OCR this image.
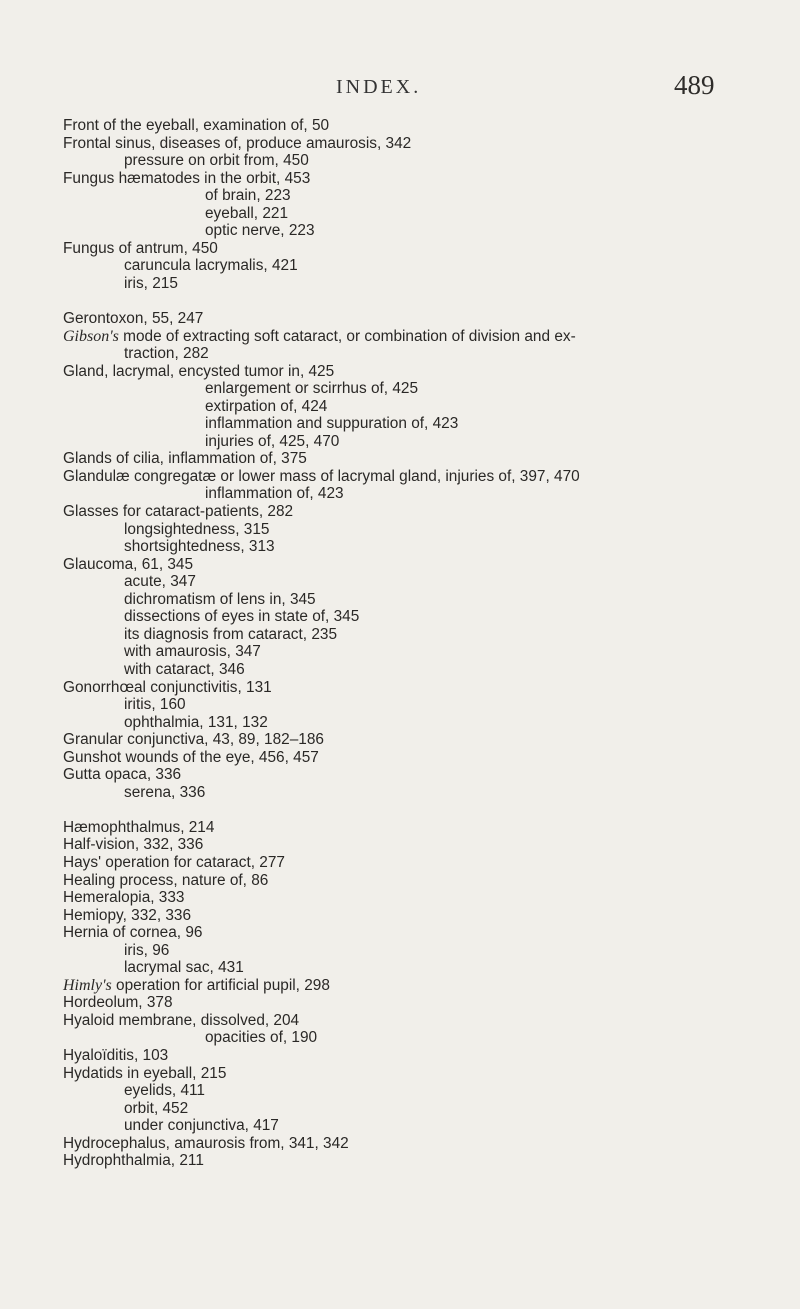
INDEX.	489
Front of the eyeball, examination of, 50
Frontal sinus, diseases of, produce amaurosis, 342
pressure on orbit from, 450
Fungus hæmatodes in the orbit, 453
of brain, 223
eyeball, 221
optic nerve, 223
Fungus of antrum, 450
caruncula lacrymalis, 421
iris, 215
Gerontoxon, 55, 247
Gibson's mode of extracting soft cataract, or combination of division and ex-
traction, 282
Gland, lacrymal, encysted tumor in, 425
enlargement or scirrhus of, 425
extirpation of, 424
inflammation and suppuration of, 423
injuries of, 425, 470
Glands of cilia, inflammation of, 375
Glandulæ congregatæ or lower mass of lacrymal gland, injuries of, 397, 470
inflammation of, 423
Glasses for cataract-patients, 282
longsightedness, 315
shortsightedness, 313
Glaucoma, 61, 345
acute, 347
dichromatism of lens in, 345
dissections of eyes in state of, 345
its diagnosis from cataract, 235
with amaurosis, 347
with cataract, 346
Gonorrhœal conjunctivitis, 131
iritis, 160
ophthalmia, 131, 132
Granular conjunctiva, 43, 89, 182–186
Gunshot wounds of the eye, 456, 457
Gutta opaca, 336
serena, 336
Hæmophthalmus, 214
Half-vision, 332, 336
Hays' operation for cataract, 277
Healing process, nature of, 86
Hemeralopia, 333
Hemiopy, 332, 336
Hernia of cornea, 96
iris, 96
lacrymal sac, 431
Himly's operation for artificial pupil, 298
Hordeolum, 378
Hyaloid membrane, dissolved, 204
opacities of, 190
Hyaloïditis, 103
Hydatids in eyeball, 215
eyelids, 411
orbit, 452
under conjunctiva, 417
Hydrocephalus, amaurosis from, 341, 342
Hydrophthalmia, 211
